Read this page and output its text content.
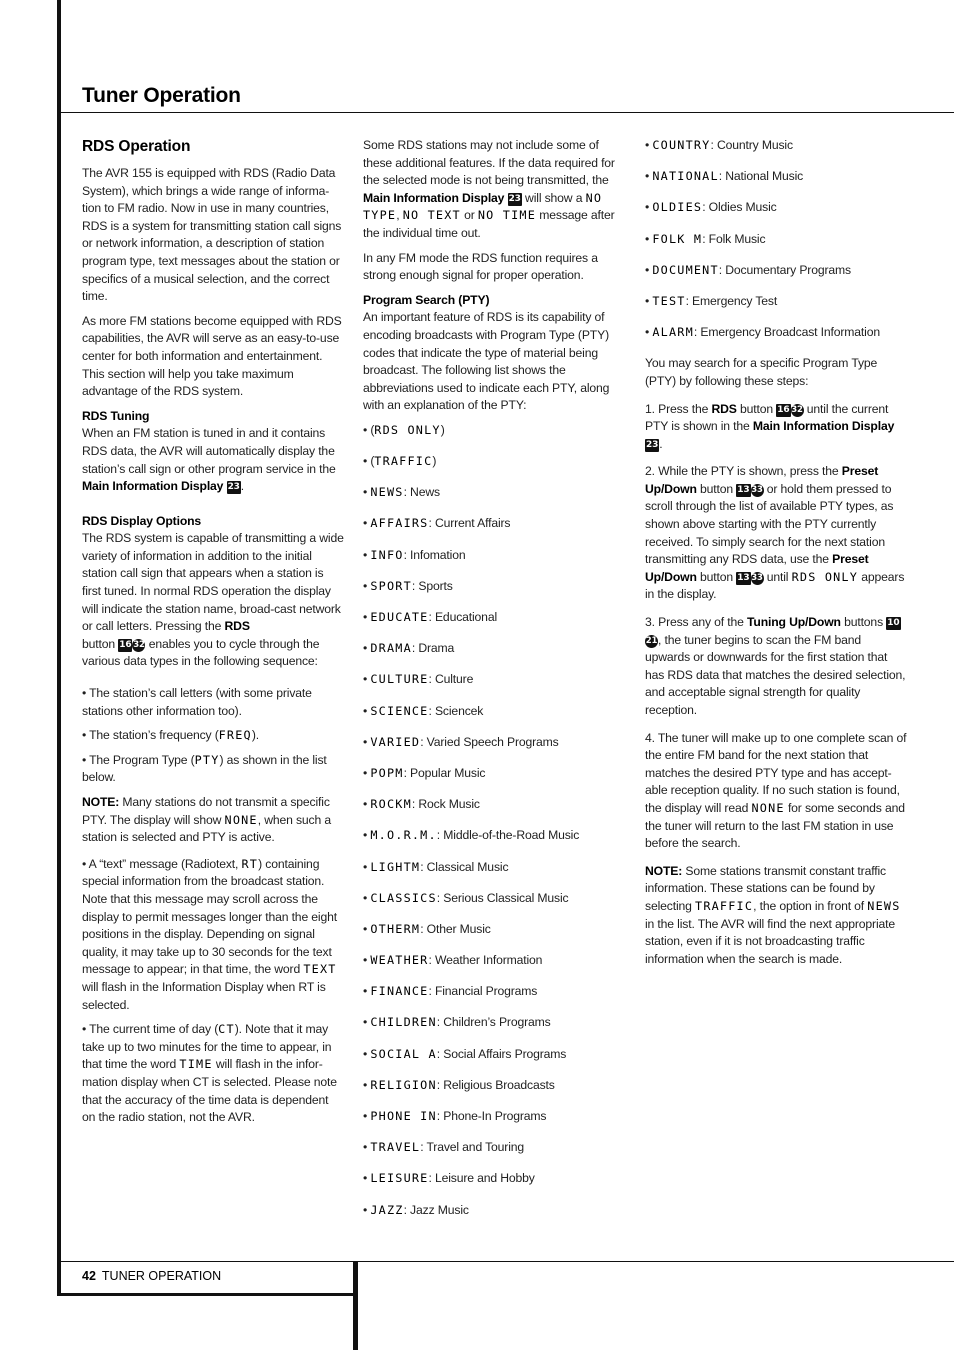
Tuner Operation
RDS Operation

The AVR 155 is equipped with RDS (Radio Data System), which brings a wide range of informa-tion to FM radio. Now in use in many countries, RDS is a system for transmitting station call signs or network information, a description of station program type, text messages about the station or specifics of a musical selection, and the correct time.

As more FM stations become equipped with RDS capabilities, the AVR will serve as an easy-to-use center for both information and entertainment. This section will help you take maximum advantage of the RDS system.

RDS Tuning
When an FM station is tuned in and it contains RDS data, the AVR will automatically display the station’s call sign or other program service in the Main Information Display 23.

RDS Display Options
The RDS system is capable of transmitting a wide variety of information in addition to the initial station call sign that appears when a station is first tuned. In normal RDS operation the display will indicate the station name, broad-cast network or call letters. Pressing the RDS
button 16 32 enables you to cycle through the various data types in the following sequence:

• The station’s call letters (with some private stations other information too).

• The station’s frequency (FREQ).

• The Program Type (PTY) as shown in the list below.

NOTE: Many stations do not transmit a specific PTY. The display will show NONE, when such a station is selected and PTY is active.

• A “text” message (Radiotext, RT) containing special information from the broadcast station. Note that this message may scroll across the display to permit messages longer than the eight positions in the display. Depending on signal quality, it may take up to 30 seconds for the text message to appear; in that time, the word TEXT will flash in the Information Display when RT is selected.

• The current time of day (CT). Note that it may take up to two minutes for the time to appear, in that time the word TIME will flash in the infor-mation display when CT is selected. Please note that the accuracy of the time data is dependent on the radio station, not the AVR.

Some RDS stations may not include some of these additional features. If the data required for the selected mode is not being transmitted, the Main Information Display 23 will show a NO TYPE, NO TEXT or NO TIME message after the individual time out.

In any FM mode the RDS function requires a strong enough signal for proper operation.

Program Search (PTY)
An important feature of RDS is its capability of encoding broadcasts with Program Type (PTY) codes that indicate the type of material being broadcast. The following list shows the abbreviations used to indicate each PTY, along with an explanation of the PTY:

• (RDS ONLY)

• (TRAFFIC)

• NEWS: News

• AFFAIRS: Current Affairs

• INFO: Infomation

• SPORT: Sports

• EDUCATE: Educational

• DRAMA: Drama

• CULTURE: Culture

• SCIENCE: Sciencek

• VARIED: Varied Speech Programs

• POPM: Popular Music

• ROCKM: Rock Music

• M.O.R.M.: Middle-of-the-Road Music

• LIGHTM: Classical Music

• CLASSICS: Serious Classical Music

• OTHERM: Other Music

• WEATHER: Weather Information

• FINANCE: Financial Programs

• CHILDREN: Children’s Programs

• SOCIAL A: Social Affairs Programs

• RELIGION: Religious Broadcasts

• PHONE IN: Phone-In Programs

• TRAVEL: Travel and Touring

• LEISURE: Leisure and Hobby

• JAZZ: Jazz Music

• COUNTRY: Country Music

• NATIONAL: National Music

• OLDIES: Oldies Music

• FOLK M: Folk Music

• DOCUMENT: Documentary Programs

• TEST: Emergency Test

• ALARM: Emergency Broadcast Information

You may search for a specific Program Type (PTY) by following these steps:

1. Press the RDS button 16 32 until the current PTY is shown in the Main Information Display 23.

2. While the PTY is shown, press the Preset Up/Down button 13 33 or hold them pressed to scroll through the list of available PTY types, as shown above starting with the PTY currently received. To simply search for the next station transmitting any RDS data, use the Preset Up/Down button 13 33 until RDS ONLY appears in the display.

3. Press any of the Tuning Up/Down buttons 1021, the tuner begins to scan the FM band upwards or downwards for the first station that has RDS data that matches the desired selection, and acceptable signal strength for quality reception.

4. The tuner will make up to one complete scan of the entire FM band for the next station that matches the desired PTY type and has accept-able reception quality. If no such station is found, the display will read NONE for some seconds and the tuner will return to the last FM station in use before the search.

NOTE: Some stations transmit constant traffic information. These stations can be found by selecting TRAFFIC, the option in front of NEWS in the list. The AVR will find the next appropriate station, even if it is not broadcasting traffic information when the search is made.

42 TUNER OPERATION
